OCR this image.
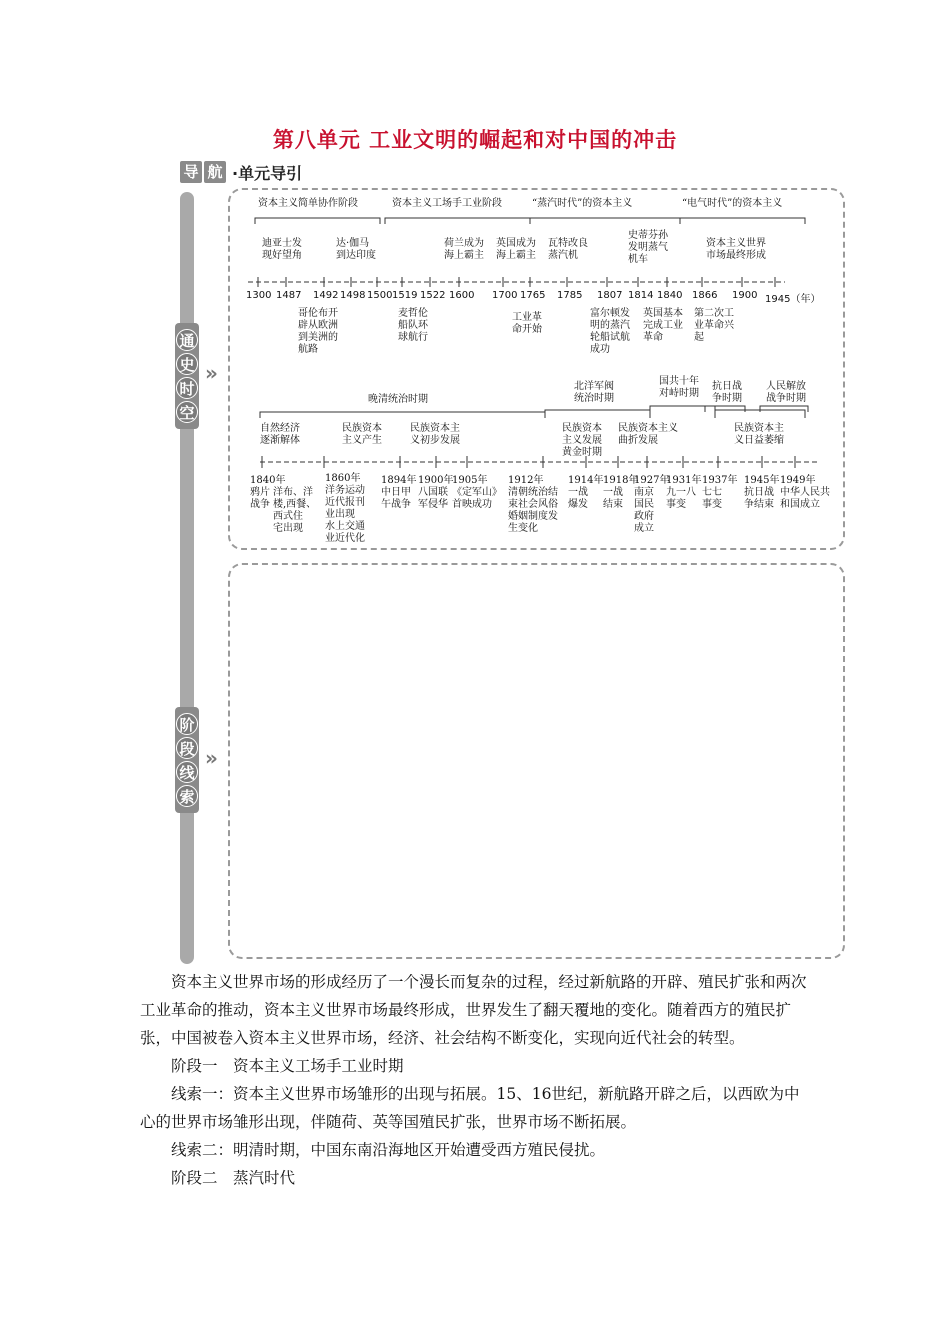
第八单元 工业文明的崛起和对中国的冲击
导 航 ·单元导引
通
史
时
空
»
阶
段
线
索
»
资本主义简单协作阶段	资本主义工场手工业阶段	“蒸汽时代”的资本主义	“电气时代”的资本主义
迪亚士发
现好望角
达·伽马
到达印度
荷兰成为
海上霸主
英国成为
海上霸主
瓦特改良
蒸汽机
史蒂芬孙
发明蒸气
机车
资本主义世界
市场最终形成
1300 1487 1492 1498 1500 1519 1522 1600 1700 1765 1785 1807 1814 1840 1866 1900 1945（年）
哥伦布开
辟从欧洲
到美洲的
航路
麦哲伦
船队环
球航行
工业革
命开始
富尔顿发
明的蒸汽
轮船试航
成功
英国基本
完成工业
革命
第二次工
业革命兴
起
晚清统治时期
北洋军阀
统治时期
国共十年
对峙时期
抗日战
争时期
人民解放
战争时期
自然经济
逐渐解体
民族资本
主义产生
民族资本主
义初步发展
民族资本
主义发展
黄金时期
民族资本主义
曲折发展
民族资本主
义日益萎缩
1840年
鸦片
战争
洋布、洋
楼,西餐、
西式住
宅出现
1860年
洋务运动
近代报刊
业出现
水上交通
业近代化
1894年
中日甲
午战争
1900年
八国联
军侵华
1905年
《定军山》
首映成功
1912年
清朝统治结
束社会风俗
婚姻制度发
生变化
1914年
一战
爆发
1918年
一战
结束
1927年
南京
国民
政府
成立
1931年
九一八
事变
1937年
七七
事变
1945年
抗日战
争结束
1949年
中华人民共
和国成立

资本主义世界市场的形成经历了一个漫长而复杂的过程，经过新航路的开辟、殖民扩张和两次工业革命的推动，资本主义世界市场最终形成，世界发生了翻天覆地的变化。随着西方的殖民扩张，中国被卷入资本主义世界市场，经济、社会结构不断变化，实现向近代社会的转型。

阶段一　资本主义工场手工业时期

线索一：资本主义世界市场雏形的出现与拓展。15、16世纪，新航路开辟之后，以西欧为中心的世界市场雏形出现，伴随荷、英等国殖民扩张，世界市场不断拓展。

线索二：明清时期，中国东南沿海地区开始遭受西方殖民侵扰。

阶段二　蒸汽时代
